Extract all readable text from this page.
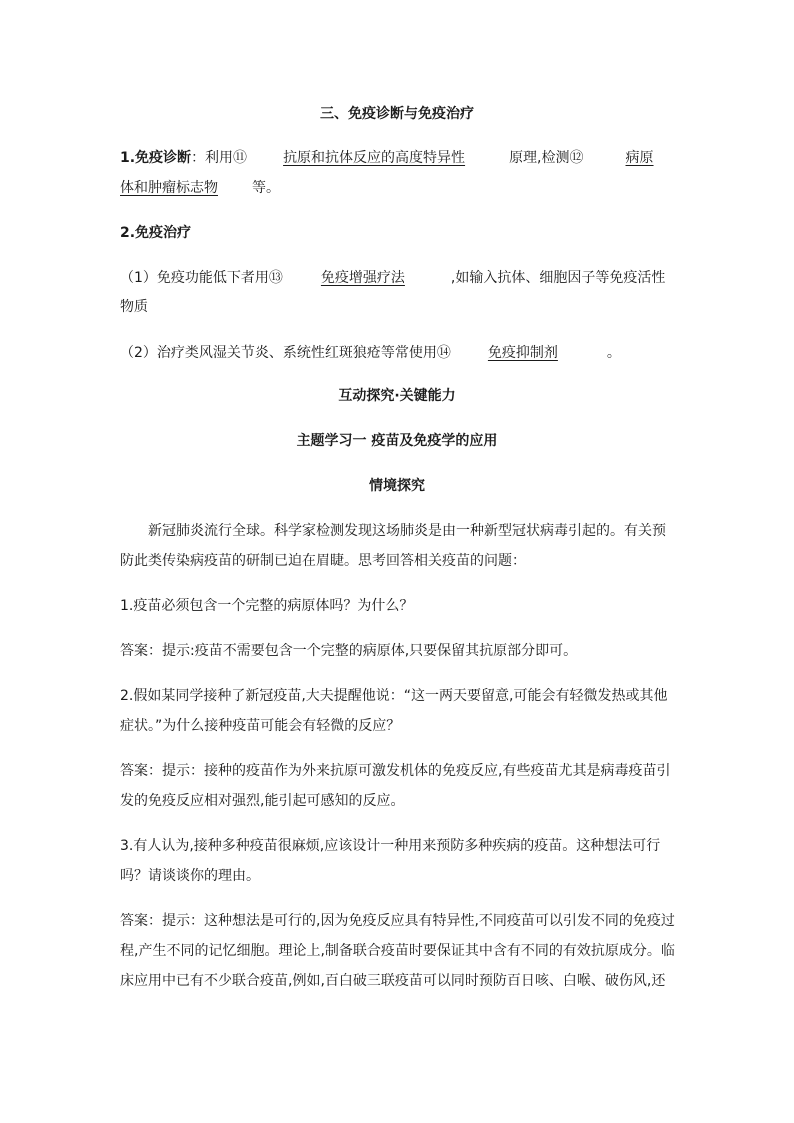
三、免疫诊断与免疫治疗
1.免疫诊断：利用⑪	抗原和抗体反应的高度特异性	原理,检测⑫	病原
体和肿瘤标志物 等。
2.免疫治疗
（1）免疫功能低下者用⑬	免疫增强疗法	,如输入抗体、细胞因子等免疫活性
物质
（2）治疗类风湿关节炎、系统性红斑狼疮等常使用⑭	免疫抑制剂	。
互动探究·关键能力
主题学习一 疫苗及免疫学的应用
情境探究
新冠肺炎流行全球。科学家检测发现这场肺炎是由一种新型冠状病毒引起的。有关预
防此类传染病疫苗的研制已迫在眉睫。思考回答相关疫苗的问题：
1.疫苗必须包含一个完整的病原体吗？为什么？
答案：提示:疫苗不需要包含一个完整的病原体,只要保留其抗原部分即可。
2.假如某同学接种了新冠疫苗,大夫提醒他说：“这一两天要留意,可能会有轻微发热或其他
症状。”为什么接种疫苗可能会有轻微的反应？
答案：提示：接种的疫苗作为外来抗原可激发机体的免疫反应,有些疫苗尤其是病毒疫苗引
发的免疫反应相对强烈,能引起可感知的反应。
3.有人认为,接种多种疫苗很麻烦,应该设计一种用来预防多种疾病的疫苗。这种想法可行
吗？请谈谈你的理由。
答案：提示：这种想法是可行的,因为免疫反应具有特异性,不同疫苗可以引发不同的免疫过
程,产生不同的记忆细胞。理论上,制备联合疫苗时要保证其中含有不同的有效抗原成分。临
床应用中已有不少联合疫苗,例如,百白破三联疫苗可以同时预防百日咳、白喉、破伤风,还
